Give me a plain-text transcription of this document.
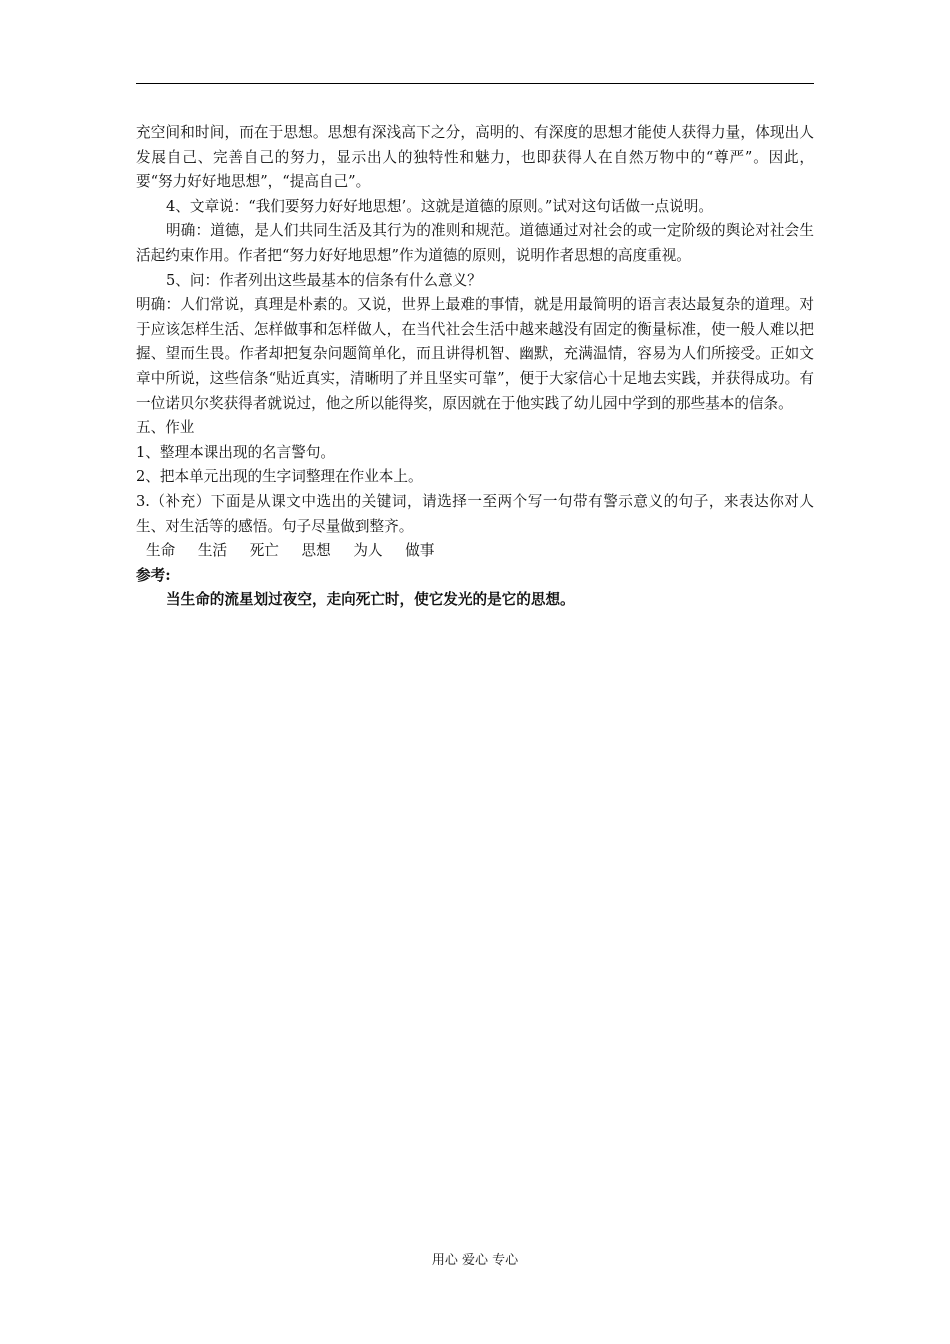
充空间和时间，而在于思想。思想有深浅高下之分，高明的、有深度的思想才能使人获得力量，体现出人发展自己、完善自己的努力，显示出人的独特性和魅力，也即获得人在自然万物中的“尊严”。因此，要“努力好好地思想”，“提高自己”。

4、文章说：“我们要努力好好地思想’。这就是道德的原则。”试对这句话做一点说明。

明确：道德，是人们共同生活及其行为的准则和规范。道德通过对社会的或一定阶级的舆论对社会生活起约束作用。作者把“努力好好地思想”作为道德的原则，说明作者思想的高度重视。

5、问：作者列出这些最基本的信条有什么意义？

明确：人们常说，真理是朴素的。又说，世界上最难的事情，就是用最简明的语言表达最复杂的道理。对于应该怎样生活、怎样做事和怎样做人，在当代社会生活中越来越没有固定的衡量标准，使一般人难以把握、望而生畏。作者却把复杂问题简单化，而且讲得机智、幽默，充满温情，容易为人们所接受。正如文章中所说，这些信条“贴近真实，清晰明了并且坚实可靠”，便于大家信心十足地去实践，并获得成功。有一位诺贝尔奖获得者就说过，他之所以能得奖，原因就在于他实践了幼儿园中学到的那些基本的信条。

五、作业

1、整理本课出现的名言警句。

2、把本单元出现的生字词整理在作业本上。

3.（补充）下面是从课文中选出的关键词，请选择一至两个写一句带有警示意义的句子，来表达你对人生、对生活等的感悟。句子尽量做到整齐。

生命 生活 死亡 思想 为人 做事

参考:

当生命的流星划过夜空，走向死亡时，使它发光的是它的思想。

用心 爱心 专心
